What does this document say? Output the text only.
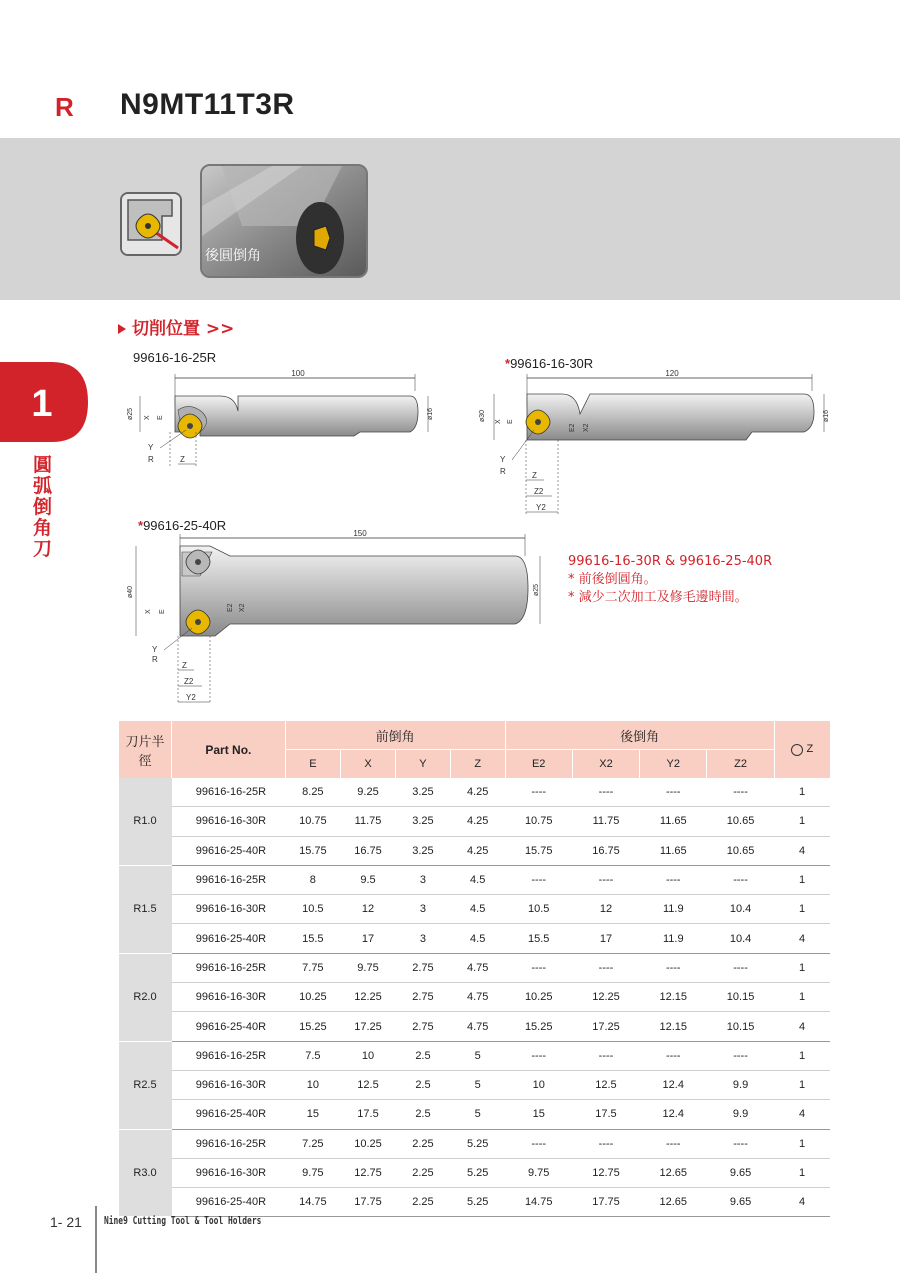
R N9MT11T3R
後圓倒角
切削位置 >>
1
圓弧倒角刀
99616-16-25R
100
ø25 X E	ø16
Y
R	Z
*99616-16-30R
120
ø30 X E
E2 X2
ø16
Y
R	Z
Z2
Y2
*99616-25-40R
150
ø40
X E	E2 X2
ø25
Y
R
Z
Z2
Y2
99616-16-30R & 99616-25-40R
* 前後倒圓角。
* 減少二次加工及修毛邊時間。
刀片半徑	Part No.	前倒角				後倒角				Z
		E	X	Y	Z	E2	X2	Y2	Z2	
R1.0	99616-16-25R	8.25	9.25	3.25	4.25	----	----	----	----	1
	99616-16-30R	10.75	11.75	3.25	4.25	10.75	11.75	11.65	10.65	1
	99616-25-40R	15.75	16.75	3.25	4.25	15.75	16.75	11.65	10.65	4
R1.5	99616-16-25R	8	9.5	3	4.5	----	----	----	----	1
	99616-16-30R	10.5	12	3	4.5	10.5	12	11.9	10.4	1
	99616-25-40R	15.5	17	3	4.5	15.5	17	11.9	10.4	4
R2.0	99616-16-25R	7.75	9.75	2.75	4.75	----	----	----	----	1
	99616-16-30R	10.25	12.25	2.75	4.75	10.25	12.25	12.15	10.15	1
	99616-25-40R	15.25	17.25	2.75	4.75	15.25	17.25	12.15	10.15	4
R2.5	99616-16-25R	7.5	10	2.5	5	----	----	----	----	1
	99616-16-30R	10	12.5	2.5	5	10	12.5	12.4	9.9	1
	99616-25-40R	15	17.5	2.5	5	15	17.5	12.4	9.9	4
R3.0	99616-16-25R	7.25	10.25	2.25	5.25	----	----	----	----	1
	99616-16-30R	9.75	12.75	2.25	5.25	9.75	12.75	12.65	9.65	1
	99616-25-40R	14.75	17.75	2.25	5.25	14.75	17.75	12.65	9.65	4
1- 21 Nine9 Cutting Tool & Tool Holders
